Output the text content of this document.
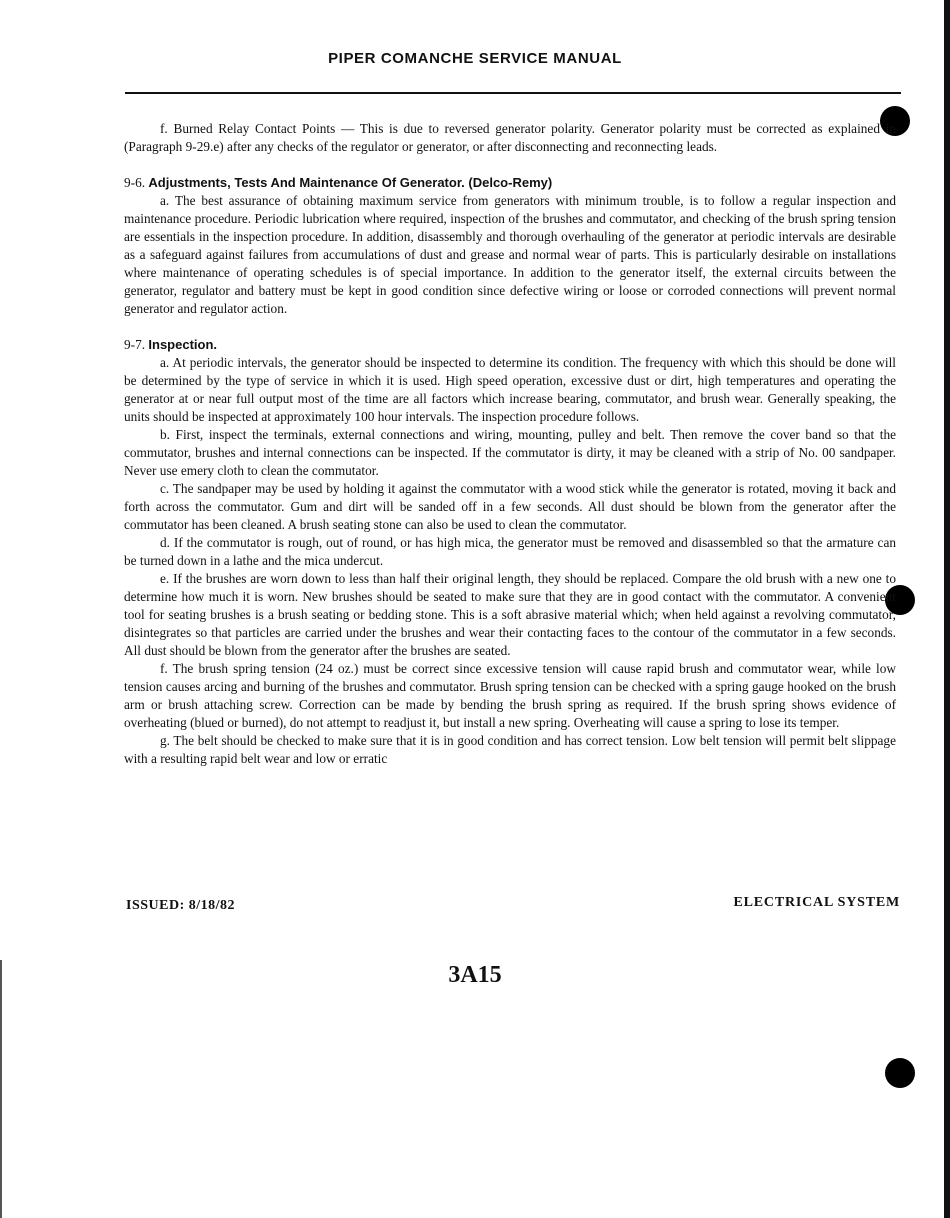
PIPER COMANCHE SERVICE MANUAL

f. Burned Relay Contact Points — This is due to reversed generator polarity. Generator polarity must be corrected as explained in (Paragraph 9-29.e) after any checks of the regulator or generator, or after disconnecting and reconnecting leads.

9-6. Adjustments, Tests And Maintenance Of Generator. (Delco-Remy)

a. The best assurance of obtaining maximum service from generators with minimum trouble, is to follow a regular inspection and maintenance procedure. Periodic lubrication where required, inspection of the brushes and commutator, and checking of the brush spring tension are essentials in the inspection procedure. In addition, disassembly and thorough overhauling of the generator at periodic intervals are desirable as a safeguard against failures from accumulations of dust and grease and normal wear of parts. This is particularly desirable on installations where maintenance of operating schedules is of special importance. In addition to the generator itself, the external circuits between the generator, regulator and battery must be kept in good condition since defective wiring or loose or corroded connections will prevent normal generator and regulator action.

9-7. Inspection.

a. At periodic intervals, the generator should be inspected to determine its condition. The frequency with which this should be done will be determined by the type of service in which it is used. High speed operation, excessive dust or dirt, high temperatures and operating the generator at or near full output most of the time are all factors which increase bearing, commutator, and brush wear. Generally speaking, the units should be inspected at approximately 100 hour intervals. The inspection procedure follows.

b. First, inspect the terminals, external connections and wiring, mounting, pulley and belt. Then remove the cover band so that the commutator, brushes and internal connections can be inspected. If the commutator is dirty, it may be cleaned with a strip of No. 00 sandpaper. Never use emery cloth to clean the commutator.

c. The sandpaper may be used by holding it against the commutator with a wood stick while the generator is rotated, moving it back and forth across the commutator. Gum and dirt will be sanded off in a few seconds. All dust should be blown from the generator after the commutator has been cleaned. A brush seating stone can also be used to clean the commutator.

d. If the commutator is rough, out of round, or has high mica, the generator must be removed and disassembled so that the armature can be turned down in a lathe and the mica undercut.

e. If the brushes are worn down to less than half their original length, they should be replaced. Compare the old brush with a new one to determine how much it is worn. New brushes should be seated to make sure that they are in good contact with the commutator. A convenient tool for seating brushes is a brush seating or bedding stone. This is a soft abrasive material which; when held against a revolving commutator, disintegrates so that particles are carried under the brushes and wear their contacting faces to the contour of the commutator in a few seconds. All dust should be blown from the generator after the brushes are seated.

f. The brush spring tension (24 oz.) must be correct since excessive tension will cause rapid brush and commutator wear, while low tension causes arcing and burning of the brushes and commutator. Brush spring tension can be checked with a spring gauge hooked on the brush arm or brush attaching screw. Correction can be made by bending the brush spring as required. If the brush spring shows evidence of overheating (blued or burned), do not attempt to readjust it, but install a new spring. Overheating will cause a spring to lose its temper.

g. The belt should be checked to make sure that it is in good condition and has correct tension. Low belt tension will permit belt slippage with a resulting rapid belt wear and low or erratic

ISSUED: 8/18/82
3A15
ELECTRICAL SYSTEM
